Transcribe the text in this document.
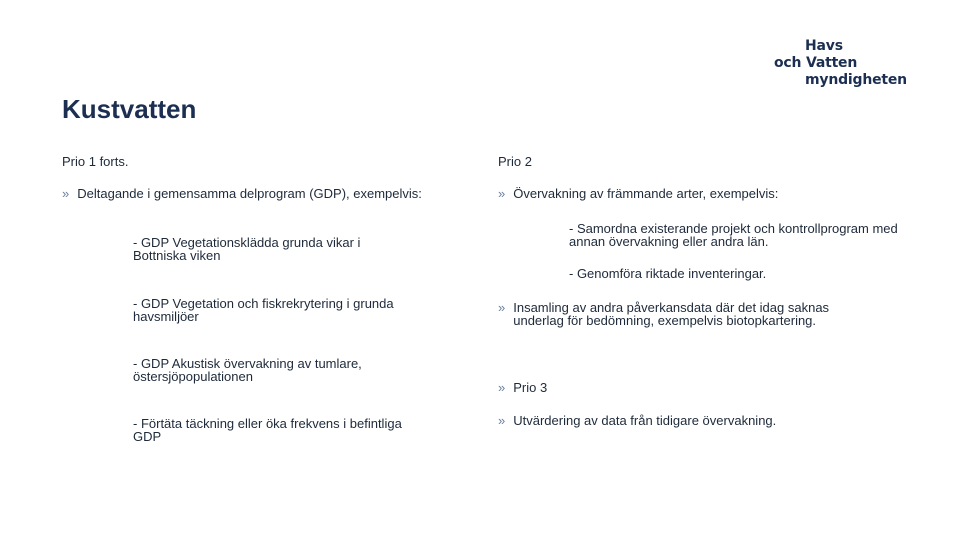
Havs
och Vatten
myndigheten
Kustvatten
Prio 1 forts.
» Deltagande i gemensamma delprogram (GDP), exempelvis:
- GDP Vegetationsklädda grunda vikar i Bottniska viken
- GDP Vegetation och fiskrekrytering i grunda havsmiljöer
- GDP Akustisk övervakning av tumlare, östersjöpopulationen
- Förtäta täckning eller öka frekvens i befintliga GDP
Prio 2
» Övervakning av främmande arter, exempelvis:
- Samordna existerande projekt och kontrollprogram med annan övervakning eller andra län.
- Genomföra riktade inventeringar.
» Insamling av andra påverkansdata där det idag saknas underlag för bedömning, exempelvis biotopkartering.
» Prio 3
» Utvärdering av data från tidigare övervakning.
